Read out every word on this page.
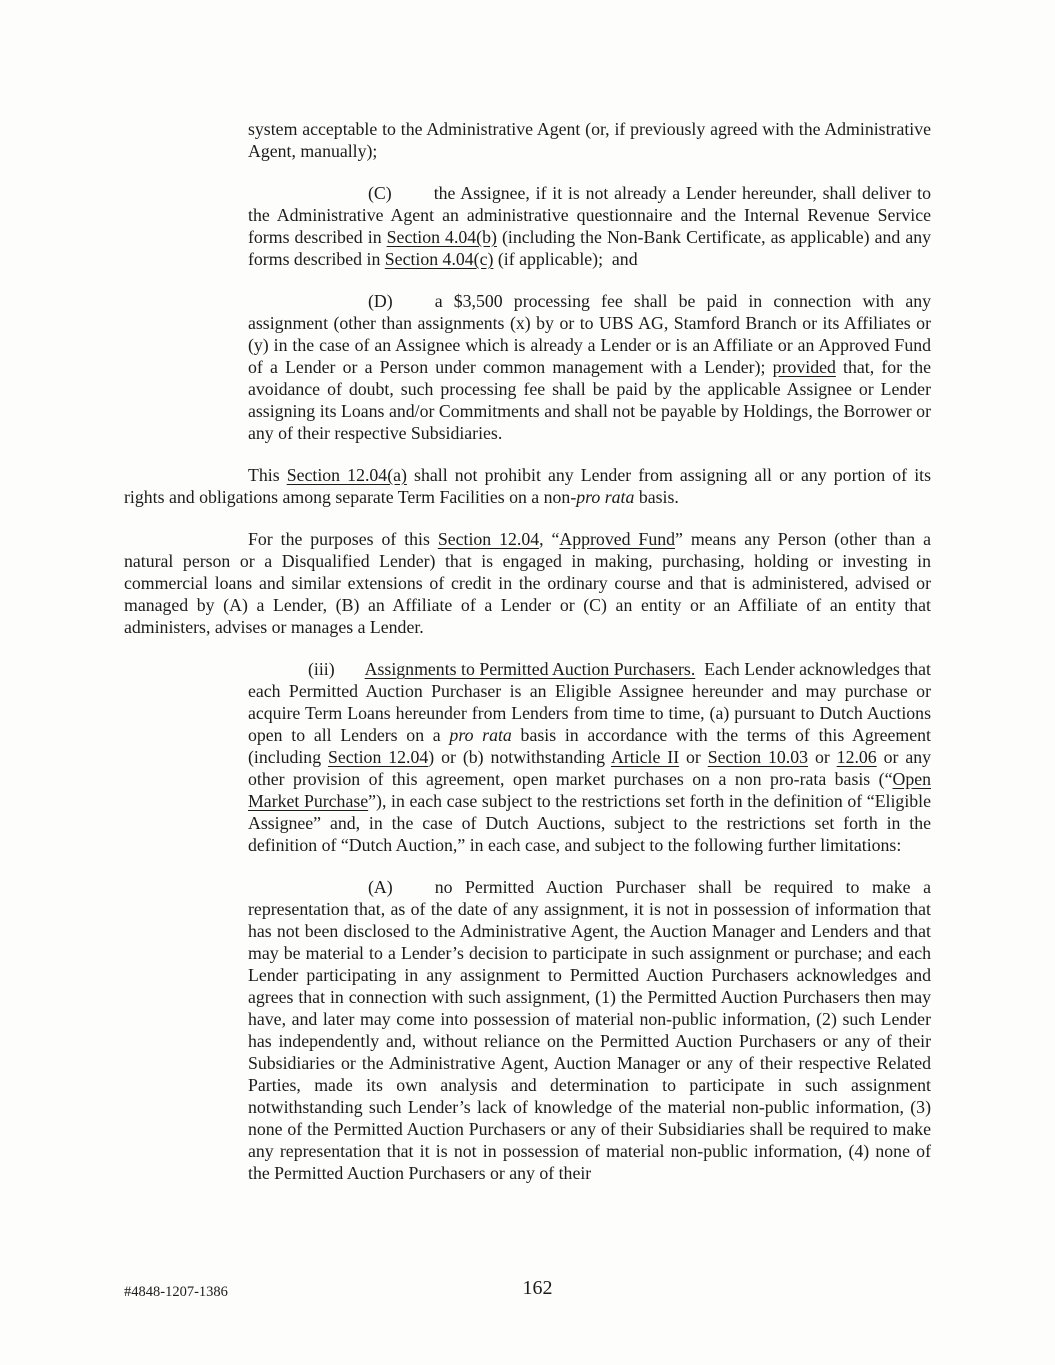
system acceptable to the Administrative Agent (or, if previously agreed with the Administrative Agent, manually);

(C) the Assignee, if it is not already a Lender hereunder, shall deliver to the Administrative Agent an administrative questionnaire and the Internal Revenue Service forms described in Section 4.04(b) (including the Non-Bank Certificate, as applicable) and any forms described in Section 4.04(c) (if applicable);  and

(D) a $3,500 processing fee shall be paid in connection with any assignment (other than assignments (x) by or to UBS AG, Stamford Branch or its Affiliates or (y) in the case of an Assignee which is already a Lender or is an Affiliate or an Approved Fund of a Lender or a Person under common management with a Lender); provided that, for the avoidance of doubt, such processing fee shall be paid by the applicable Assignee or Lender assigning its Loans and/or Commitments and shall not be payable by Holdings, the Borrower or any of their respective Subsidiaries.

This Section 12.04(a) shall not prohibit any Lender from assigning all or any portion of its rights and obligations among separate Term Facilities on a non-pro rata basis.

For the purposes of this Section 12.04, “Approved Fund” means any Person (other than a natural person or a Disqualified Lender) that is engaged in making, purchasing, holding or investing in commercial loans and similar extensions of credit in the ordinary course and that is administered, advised or managed by (A) a Lender, (B) an Affiliate of a Lender or (C) an entity or an Affiliate of an entity that administers, advises or manages a Lender.

(iii) Assignments to Permitted Auction Purchasers.  Each Lender acknowledges that each Permitted Auction Purchaser is an Eligible Assignee hereunder and may purchase or acquire Term Loans hereunder from Lenders from time to time, (a) pursuant to Dutch Auctions open to all Lenders on a pro rata basis in accordance with the terms of this Agreement (including Section 12.04) or (b) notwithstanding Article II or Section 10.03 or 12.06 or any other provision of this agreement, open market purchases on a non pro-rata basis (“Open Market Purchase”), in each case subject to the restrictions set forth in the definition of “Eligible Assignee” and, in the case of Dutch Auctions, subject to the restrictions set forth in the definition of “Dutch Auction,” in each case, and subject to the following further limitations:

(A) no Permitted Auction Purchaser shall be required to make a representation that, as of the date of any assignment, it is not in possession of information that has not been disclosed to the Administrative Agent, the Auction Manager and Lenders and that may be material to a Lender’s decision to participate in such assignment or purchase; and each Lender participating in any assignment to Permitted Auction Purchasers acknowledges and agrees that in connection with such assignment, (1) the Permitted Auction Purchasers then may have, and later may come into possession of material non-public information, (2) such Lender has independently and, without reliance on the Permitted Auction Purchasers or any of their Subsidiaries or the Administrative Agent, Auction Manager or any of their respective Related Parties, made its own analysis and determination to participate in such assignment notwithstanding such Lender’s lack of knowledge of the material non-public information, (3) none of the Permitted Auction Purchasers or any of their Subsidiaries shall be required to make any representation that it is not in possession of material non-public information, (4) none of the Permitted Auction Purchasers or any of their

#4848-1207-1386	162
